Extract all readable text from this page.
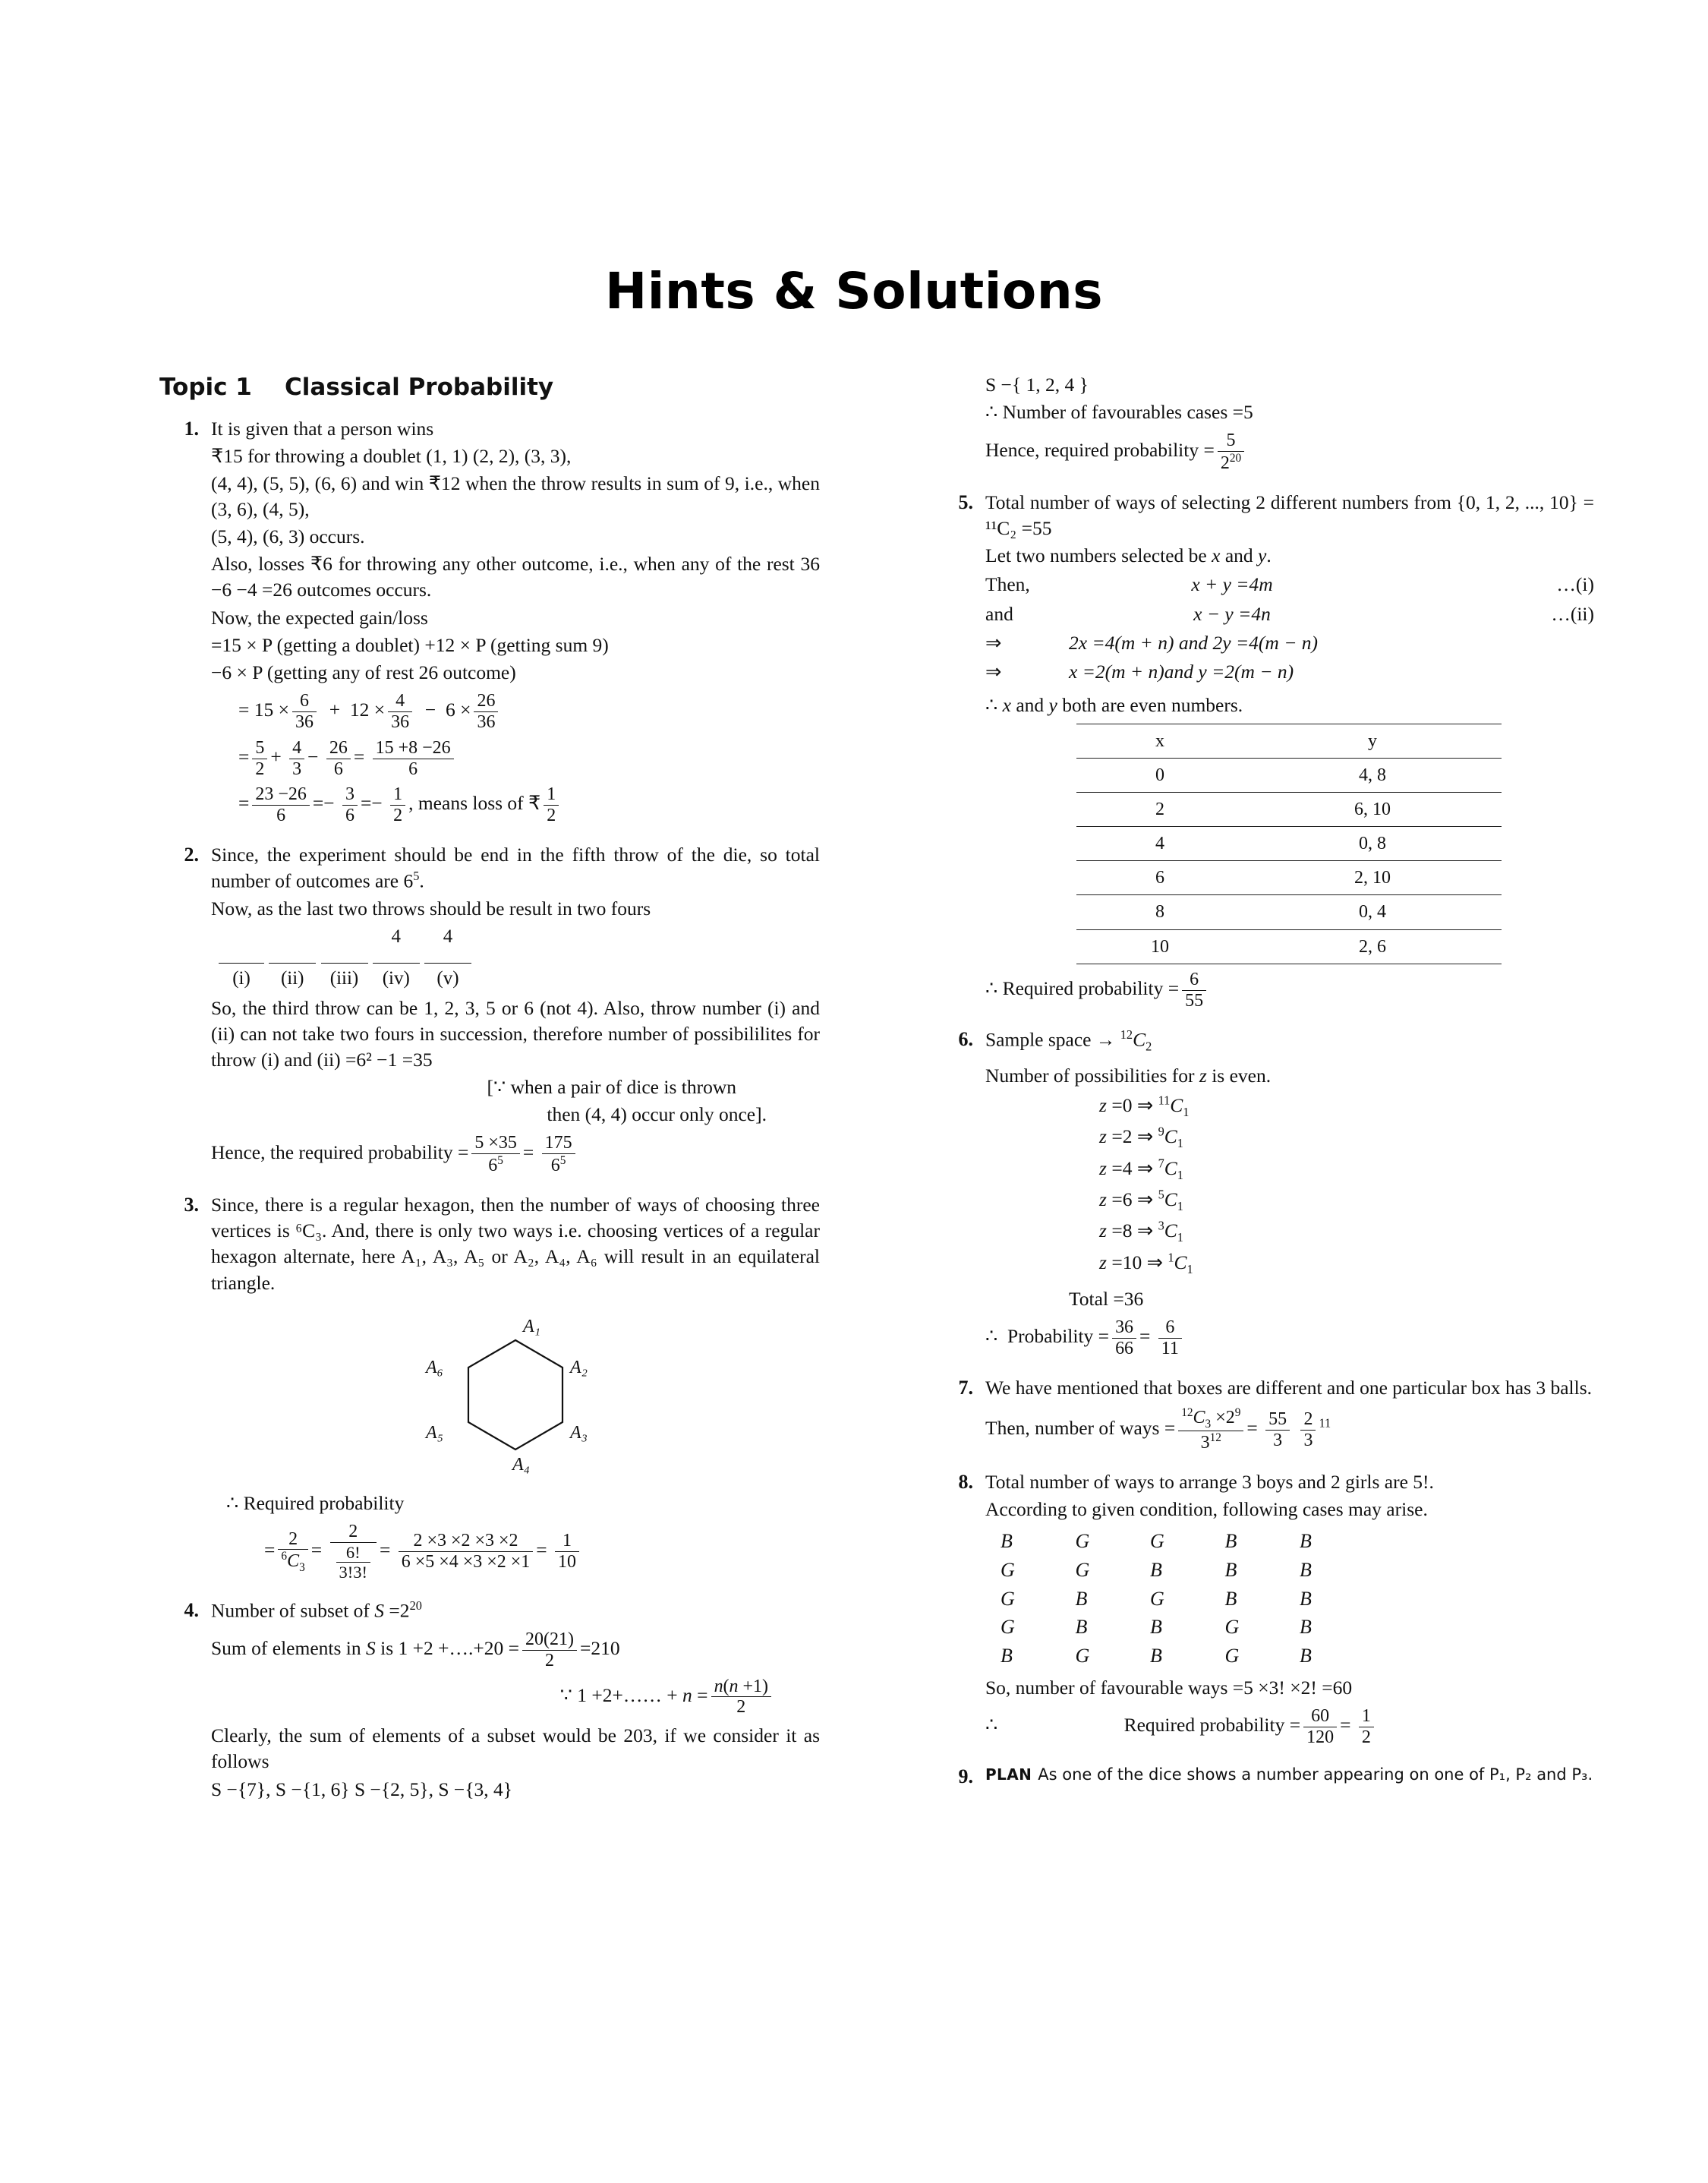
Hints & Solutions
Topic 1    Classical Probability
1. It is given that a person wins

₹15 for throwing a doublet (1, 1) (2, 2), (3, 3),

(4, 4), (5, 5), (6, 6) and win ₹12 when the throw results in sum of 9, i.e., when (3, 6), (4, 5),

(5, 4), (6, 3) occurs.

Also, losses ₹6 for throwing any other outcome, i.e., when any of the rest 36 −6 −4 =26 outcomes occurs.

Now, the expected gain/loss

=15 × P (getting a doublet) +12 × P (getting sum 9)

−6 × P (getting any of rest 26 outcome)

= $15 \times \frac{6}{36} + 12 \times \frac{4}{36} - 6 \times \frac{26}{36}$
= $\frac{5}{2} + \frac{4}{3} - \frac{26}{6} = \frac{15 +8 -26}{6}$
= $\frac{23 -26}{6} =- \frac{3}{6} =- \frac{1}{2}$ , means loss of ₹ $\frac{1}{2}$
2. Since, the experiment should be end in the fifth throw of the die, so total number of outcomes are $6^5$.

Now, as the last two throws should be result in two fours

4 4

(i) (ii) (iii) (iv) (v)

So, the third throw can be 1, 2, 3, 5 or 6 (not 4). Also, throw number (i) and (ii) can not take two fours in succession, therefore number of possibililites for throw (i) and (ii) =6² −1 =35

[∵ when a pair of dice is thrown

then (4, 4) occur only once].

Hence, the required probability = $\frac{5 \times 35}{6^5} = \frac{175}{6^5}$
3. Since, there is a regular hexagon, then the number of ways of choosing three vertices is ⁶C₃. And, there is only two ways i.e. choosing vertices of a regular hexagon alternate, here A₁, A₃, A₅ or A₂, A₄, A₆ will result in an equilateral triangle.

A₁
A₂
A₃
A₄
A₅
A₆

∴ Required probability

= $\frac{2}{^6C_3} = \frac{2}{\frac{6!}{3!3!}} = \frac{2 \times 3 \times 2 \times 3 \times 2}{6 \times 5 \times 4 \times 3 \times 2 \times 1} = \frac{1}{10}$
4. Number of subset of $S =2^{20}$

Sum of elements in S is 1 +2 +….+20 = $\frac{20(21)}{2} =210$
∵ 1 +2+…… + $n = \frac{n(n +1)}{2}$

Clearly, the sum of elements of a subset would be 203, if we consider it as follows

S −{7}, S −{1, 6} S −{2, 5}, S −{3, 4}

S −{ 1, 2, 4 }

∴ Number of favourables cases =5

Hence, required probability = $\frac{5}{2^{20}}$
5. Total number of ways of selecting 2 different numbers from {0, 1, 2, ..., 10} = ¹¹C₂ =55

Let two numbers selected be x and y.

Then,	x + y =4m	…(i)
and	x − y =4n	…(ii)
⇒	2x =4(m + n) and 2y =4(m − n)
⇒	x =2(m + n)and y =2(m − n)

∴ x and y both are even numbers.

x	y
0	4, 8
2	6, 10
4	0, 8
6	2, 10
8	0, 4
10	2, 6
∴ Required probability = $\frac{6}{55}$
6. Sample space → $^{12}C_2$

Number of possibilities for z is even.

z =0 ⇒ $^{11}C_1$
z =2 ⇒ $^9C_1$
z =4 ⇒ $^7C_1$
z =6 ⇒ $^5C_1$
z =8 ⇒ $^3C_1$
z =10 ⇒ $^1C_1$

Total =36

∴  Probability = $\frac{36}{66} = \frac{6}{11}$
7. We have mentioned that boxes are different and one particular box has 3 balls.

Then, number of ways = $\frac{^{12}C_3 \times 2^9}{3^{12}} = \frac{55}{3}$
$\frac{2}{3} ^{11}$
8. Total number of ways to arrange 3 boys and 2 girls are 5!.

According to given condition, following cases may arise.

B	G	G	B	B
G	G	B	B	B
G	B	G	B	B
G	B	B	G	B
B	G	B	G	B

So, number of favourable ways =5 ×3! ×2! =60

∴	Required probability = $\frac{60}{120} = \frac{1}{2}$
9. PLAN As one of the dice shows a number appearing on one of P₁, P₂ and P₃.
